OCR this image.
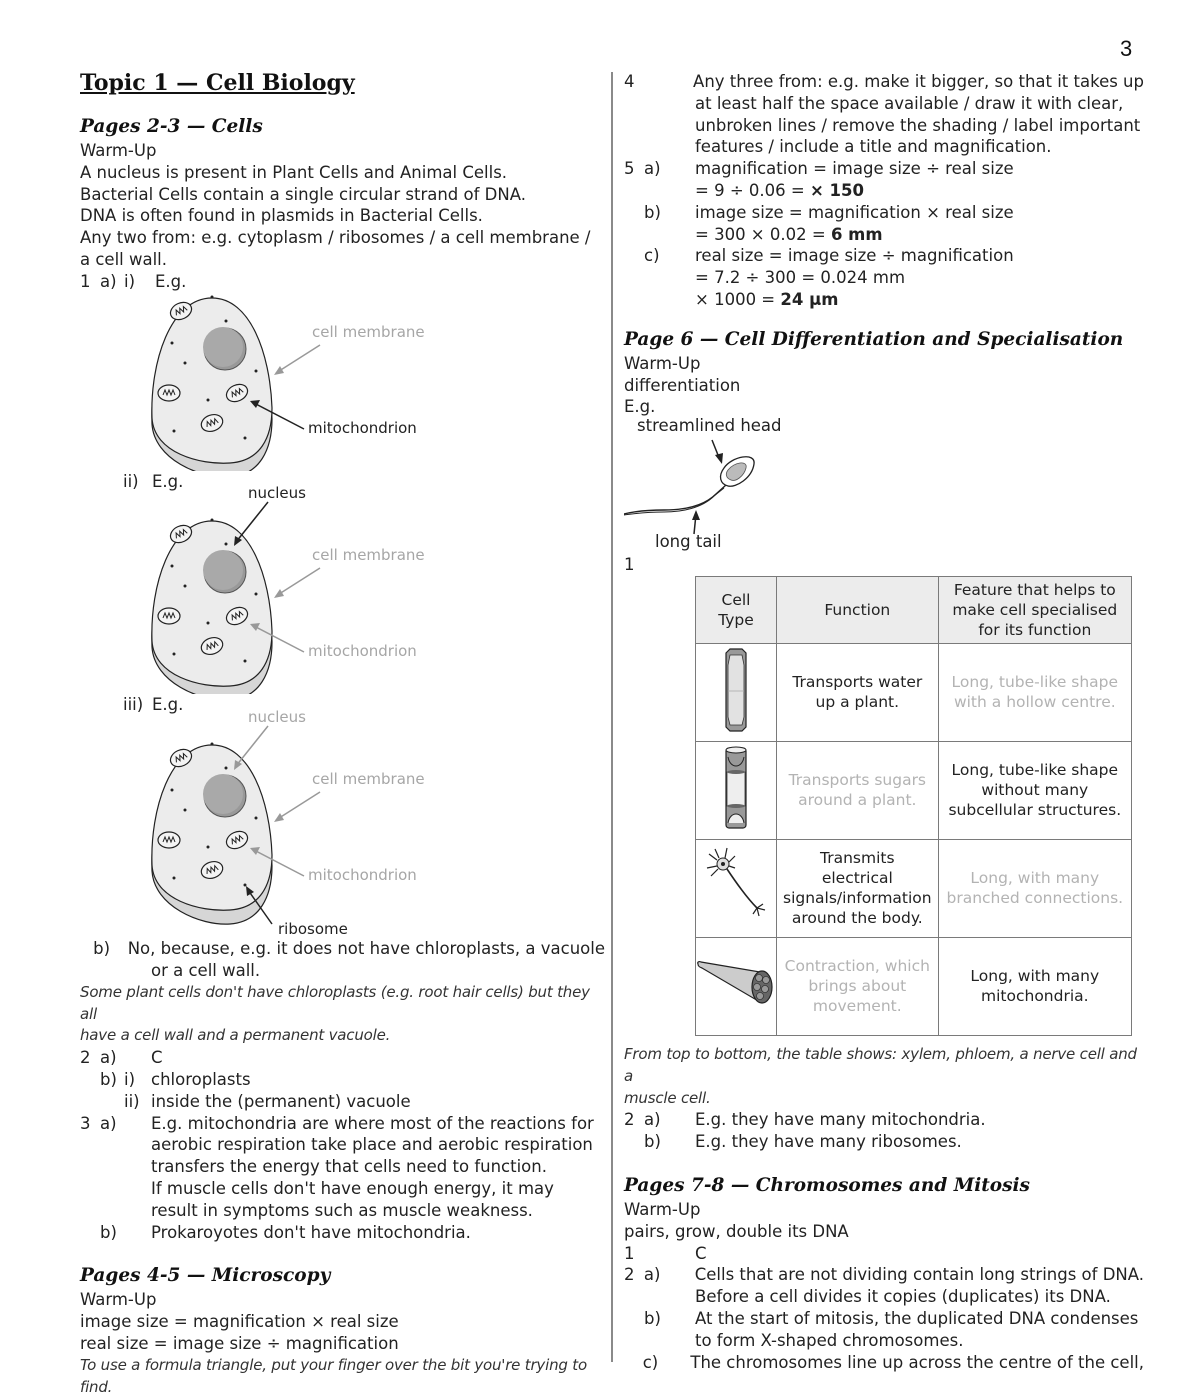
3
Topic 1 — Cell Biology
Pages 2-3 — Cells
Warm-Up
A nucleus is present in Plant Cells and Animal Cells.
Bacterial Cells contain a single circular strand of DNA.
DNA is often found in plasmids in Bacterial Cells.
Any two from: e.g. cytoplasm / ribosomes / a cell membrane /
a cell wall.
1 a) i)	E.g.
cell membrane
mitochondrion
ii) E.g.
nucleus
cell membrane
mitochondrion
iii) E.g.
nucleus
cell membrane
mitochondrion
ribosome
b) No, because, e.g. it does not have chloroplasts, a vacuole
or a cell wall.
Some plant cells don't have chloroplasts (e.g. root hair cells) but they all
have a cell wall and a permanent vacuole.
2 a)	C
b) i) chloroplasts
ii) inside the (permanent) vacuole
3 a)	E.g. mitochondria are where most of the reactions for
aerobic respiration take place and aerobic respiration
transfers the energy that cells need to function.
If muscle cells don't have enough energy, it may
result in symptoms such as muscle weakness.
b)	Prokaroyotes don't have mitochondria.
Pages 4-5 — Microscopy
Warm-Up
image size = magnification × real size
real size = image size ÷ magnification
To use a formula triangle, put your finger over the bit you're trying to find.
4	Any three from: e.g. make it bigger, so that it takes up
at least half the space available / draw it with clear,
unbroken lines / remove the shading / label important
features / include a title and magnification.
5 a)	magnification = image size ÷ real size
= 9 ÷ 0.06 = × 150
b)	image size = magnification × real size
= 300 × 0.02 = 6 mm
c)	real size = image size ÷ magnification
= 7.2 ÷ 300 = 0.024 mm
× 1000 = 24 µm
Page 6 — Cell Differentiation and Specialisation
Warm-Up
differentiation
E.g.
streamlined head
long tail
1
Cell Type	Function	Feature that helps to make cell specialised for its function
	Transports water up a plant.	Long, tube-like shape with a hollow centre.
	Transports sugars around a plant.	Long, tube-like shape without many subcellular structures.
	Transmits electrical signals/information around the body.	Long, with many branched connections.
	Contraction, which brings about movement.	Long, with many mitochondria.
From top to bottom, the table shows: xylem, phloem, a nerve cell and a
muscle cell.
2 a)	E.g. they have many mitochondria.
b)	E.g. they have many ribosomes.
Pages 7-8 — Chromosomes and Mitosis
Warm-Up
pairs, grow, double its DNA
1	C
2 a)	Cells that are not dividing contain long strings of DNA.
Before a cell divides it copies (duplicates) its DNA.
b)	At the start of mitosis, the duplicated DNA condenses
to form X-shaped chromosomes.
c)	The chromosomes line up across the centre of the cell,
